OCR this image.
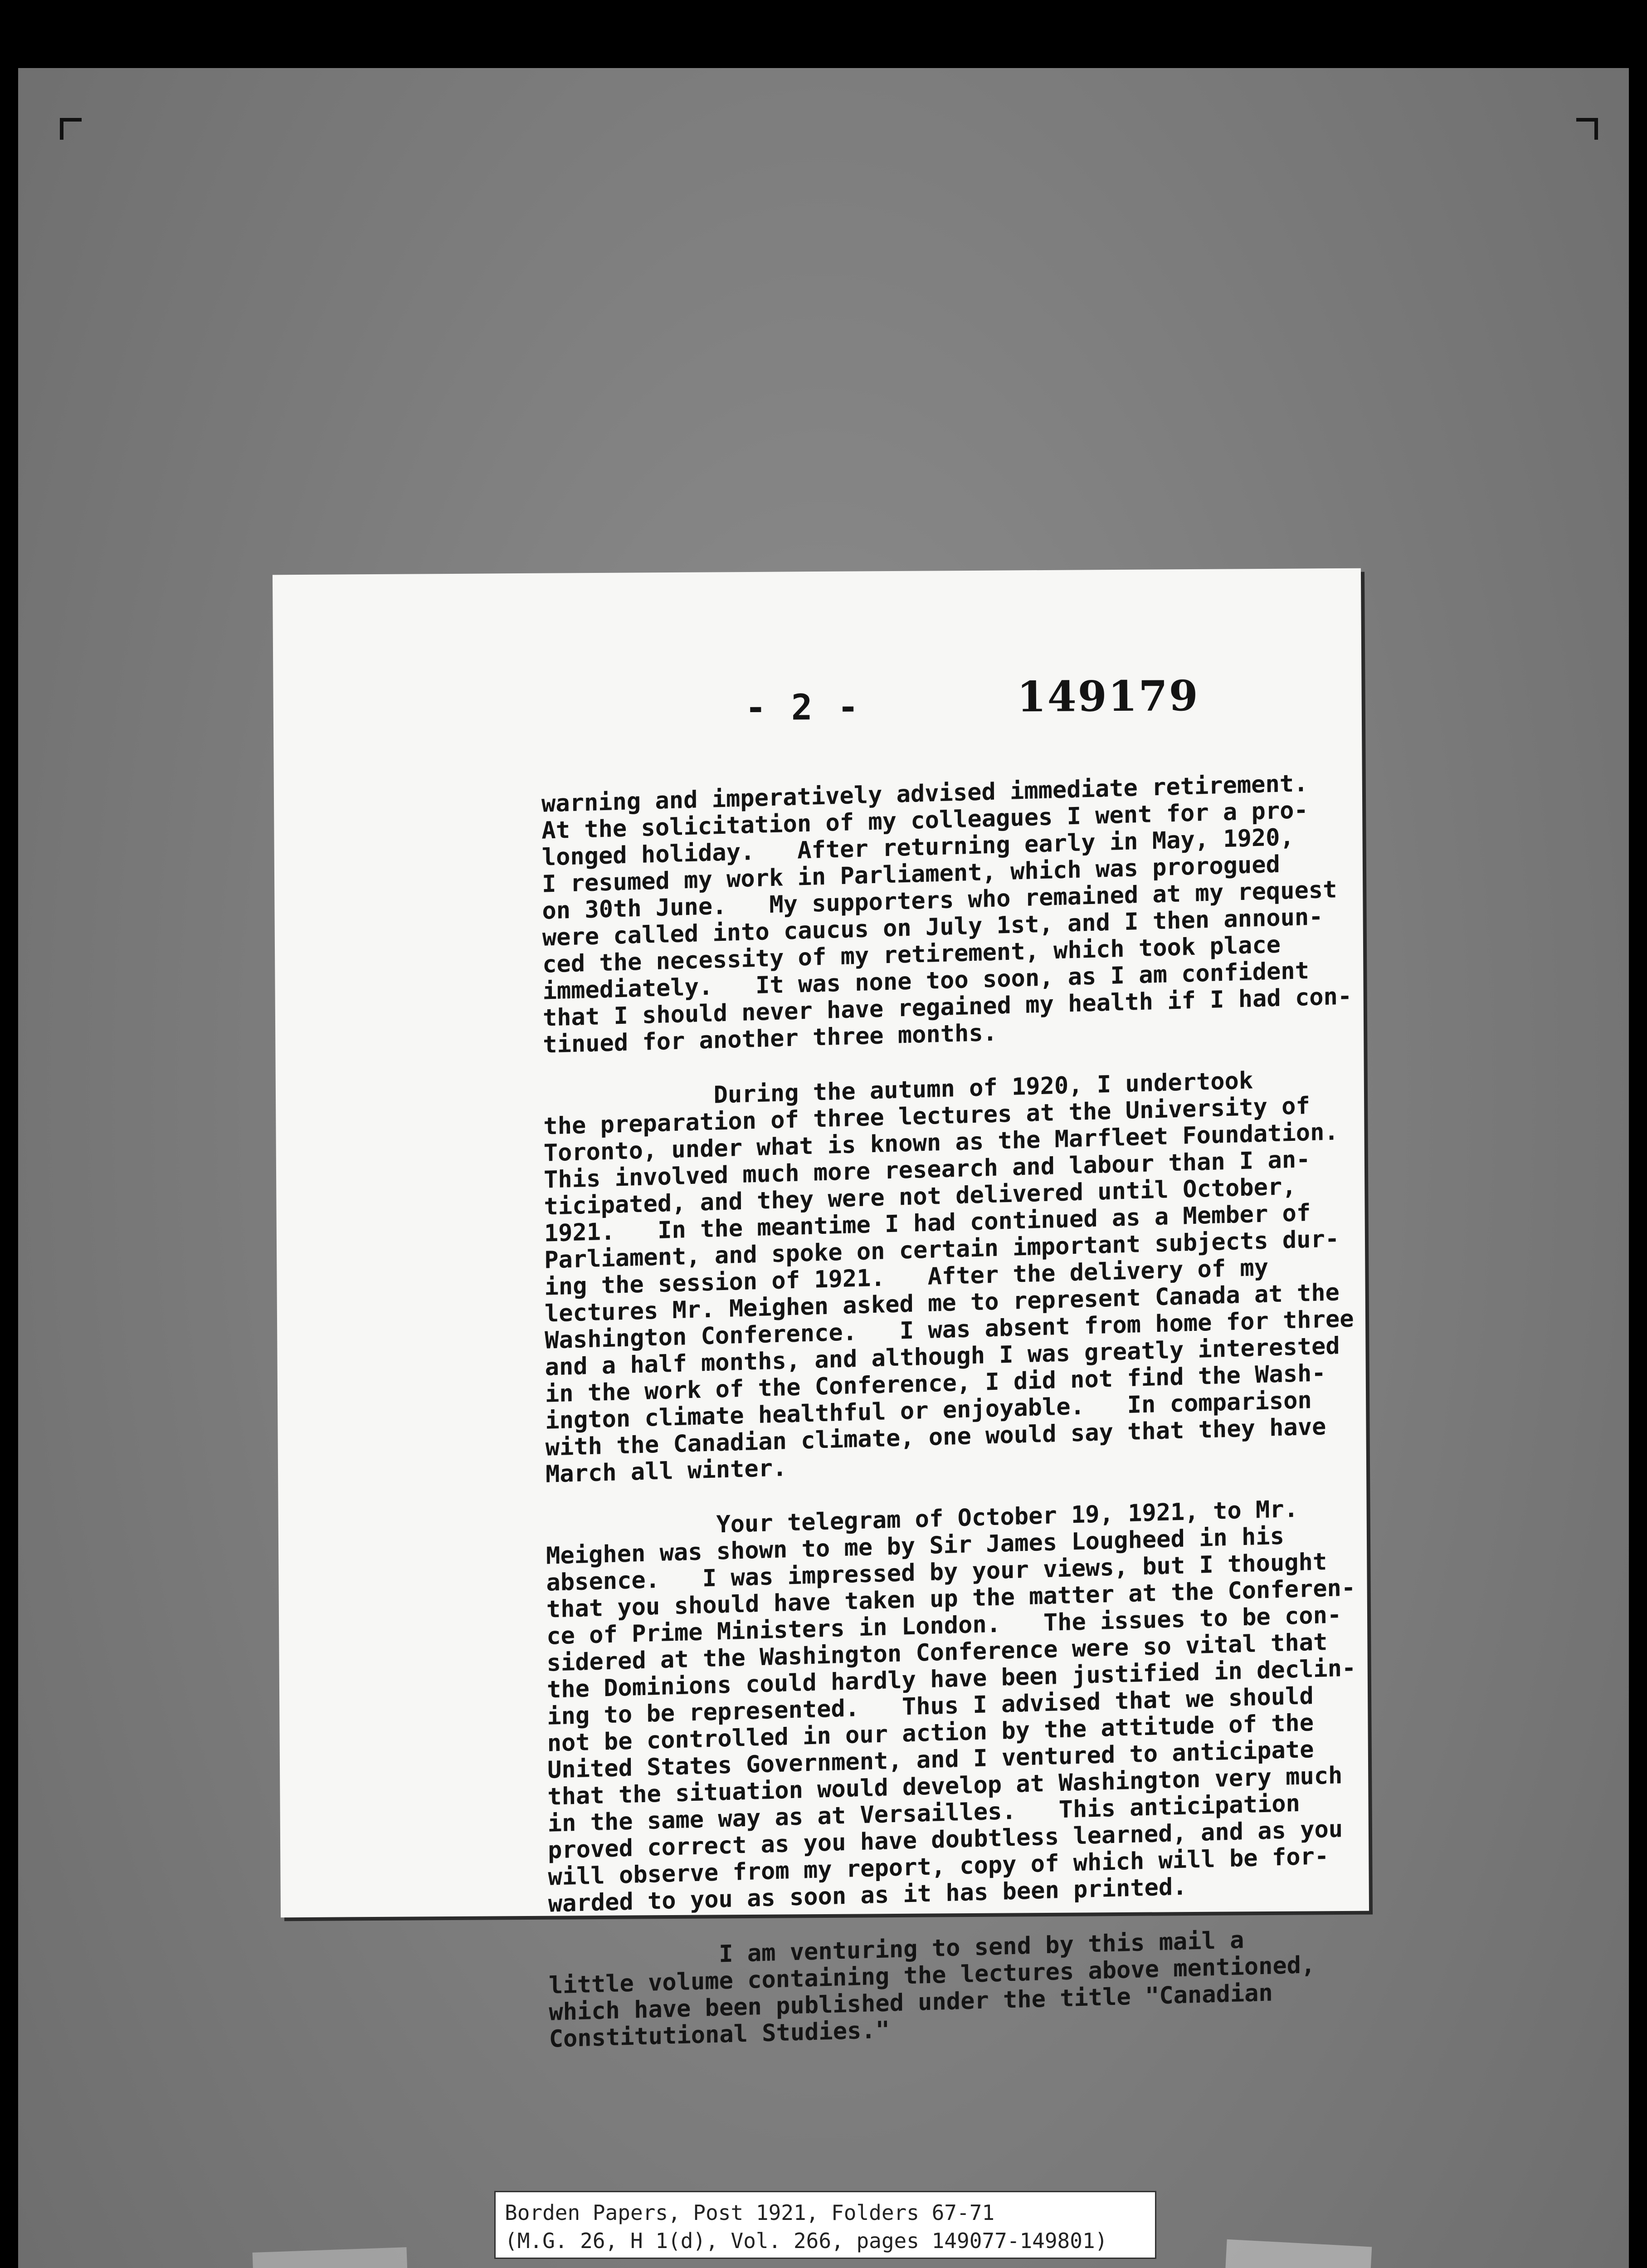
- 2 -	149179

warning and imperatively advised immediate retirement.
At the solicitation of my colleagues I went for a pro-
longed holiday.   After returning early in May, 1920,
I resumed my work in Parliament, which was prorogued
on 30th June.   My supporters who remained at my request
were called into caucus on July 1st, and I then announ-
ced the necessity of my retirement, which took place
immediately.   It was none too soon, as I am confident
that I should never have regained my health if I had con-
tinued for another three months.

During the autumn of 1920, I undertook
the preparation of three lectures at the University of
Toronto, under what is known as the Marfleet Foundation.
This involved much more research and labour than I an-
ticipated, and they were not delivered until October,
1921.   In the meantime I had continued as a Member of
Parliament, and spoke on certain important subjects dur-
ing the session of 1921.   After the delivery of my
lectures Mr. Meighen asked me to represent Canada at the
Washington Conference.   I was absent from home for three
and a half months, and although I was greatly interested
in the work of the Conference, I did not find the Wash-
ington climate healthful or enjoyable.   In comparison
with the Canadian climate, one would say that they have
March all winter.

Your telegram of October 19, 1921, to Mr.
Meighen was shown to me by Sir James Lougheed in his
absence.   I was impressed by your views, but I thought
that you should have taken up the matter at the Conferen-
ce of Prime Ministers in London.   The issues to be con-
sidered at the Washington Conference were so vital that
the Dominions could hardly have been justified in declin-
ing to be represented.   Thus I advised that we should
not be controlled in our action by the attitude of the
United States Government, and I ventured to anticipate
that the situation would develop at Washington very much
in the same way as at Versailles.   This anticipation
proved correct as you have doubtless learned, and as you
will observe from my report, copy of which will be for-
warded to you as soon as it has been printed.

I am venturing to send by this mail a
little volume containing the lectures above mentioned,
which have been published under the title "Canadian
Constitutional Studies."

Borden Papers, Post 1921, Folders 67-71
(M.G. 26, H 1(d), Vol. 266, pages 149077-149801)
